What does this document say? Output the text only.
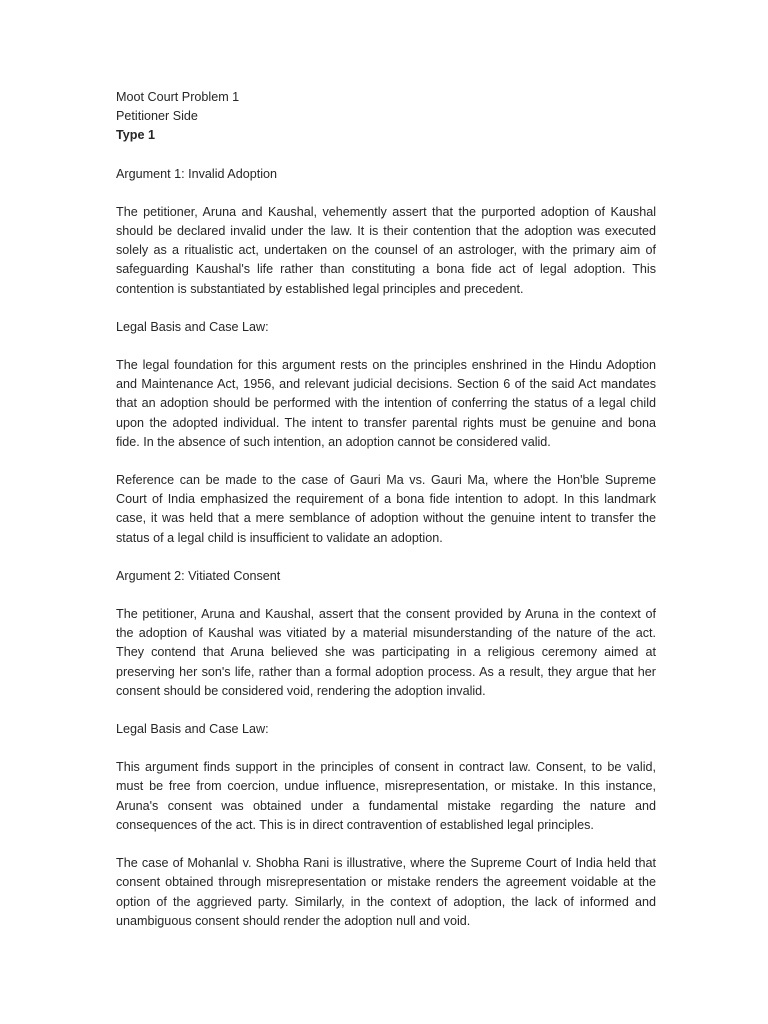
Moot Court Problem 1

Petitioner Side

Type 1

Argument 1: Invalid Adoption

The petitioner, Aruna and Kaushal, vehemently assert that the purported adoption of Kaushal should be declared invalid under the law. It is their contention that the adoption was executed solely as a ritualistic act, undertaken on the counsel of an astrologer, with the primary aim of safeguarding Kaushal's life rather than constituting a bona fide act of legal adoption. This contention is substantiated by established legal principles and precedent.

Legal Basis and Case Law:

The legal foundation for this argument rests on the principles enshrined in the Hindu Adoption and Maintenance Act, 1956, and relevant judicial decisions. Section 6 of the said Act mandates that an adoption should be performed with the intention of conferring the status of a legal child upon the adopted individual. The intent to transfer parental rights must be genuine and bona fide. In the absence of such intention, an adoption cannot be considered valid.

Reference can be made to the case of Gauri Ma vs. Gauri Ma, where the Hon'ble Supreme Court of India emphasized the requirement of a bona fide intention to adopt. In this landmark case, it was held that a mere semblance of adoption without the genuine intent to transfer the status of a legal child is insufficient to validate an adoption.

Argument 2: Vitiated Consent

The petitioner, Aruna and Kaushal, assert that the consent provided by Aruna in the context of the adoption of Kaushal was vitiated by a material misunderstanding of the nature of the act. They contend that Aruna believed she was participating in a religious ceremony aimed at preserving her son's life, rather than a formal adoption process. As a result, they argue that her consent should be considered void, rendering the adoption invalid.

Legal Basis and Case Law:

This argument finds support in the principles of consent in contract law. Consent, to be valid, must be free from coercion, undue influence, misrepresentation, or mistake. In this instance, Aruna's consent was obtained under a fundamental mistake regarding the nature and consequences of the act. This is in direct contravention of established legal principles.

The case of Mohanlal v. Shobha Rani is illustrative, where the Supreme Court of India held that consent obtained through misrepresentation or mistake renders the agreement voidable at the option of the aggrieved party. Similarly, in the context of adoption, the lack of informed and unambiguous consent should render the adoption null and void.
